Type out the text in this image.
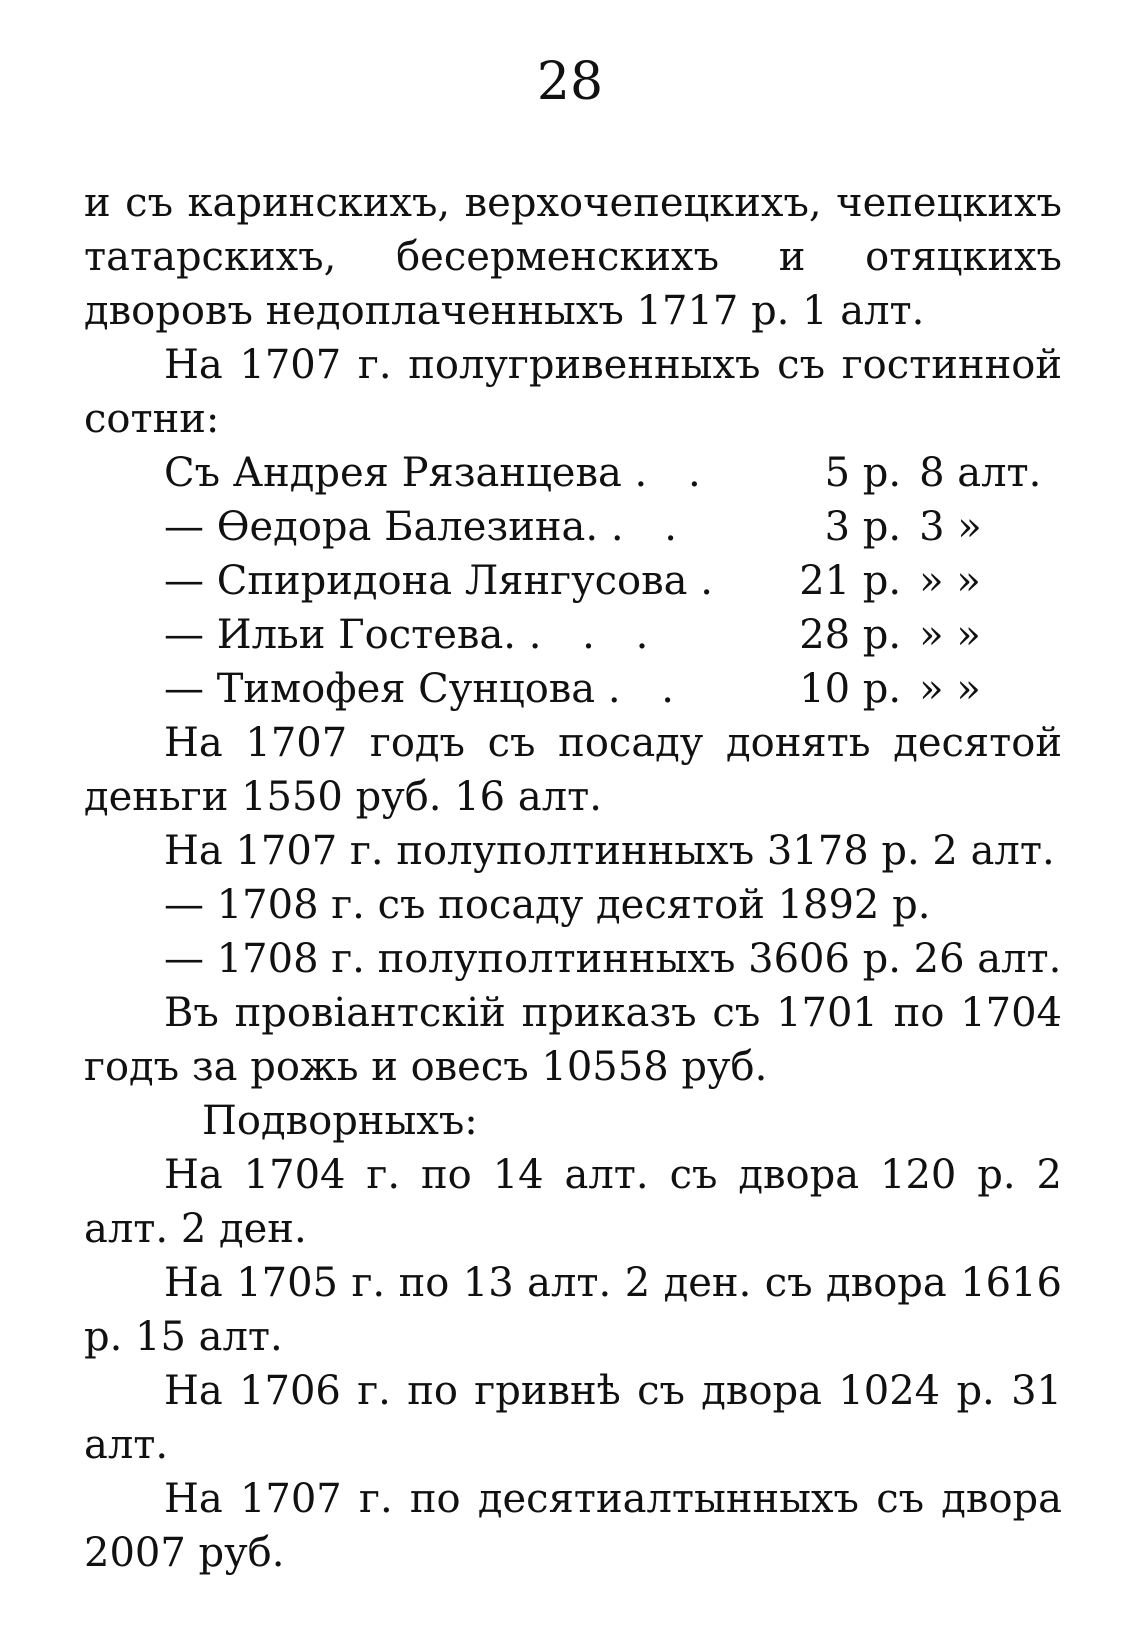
28

и съ каринскихъ, верхочепецкихъ, чепецкихъ татарскихъ, бесерменскихъ и отяцкихъ дворовъ недоплаченныхъ 1717 р. 1 алт.

На 1707 г. полугривенныхъ съ гостинной сотни:

Съ Андрея Рязанцева . .	5 р. 8 алт.
— Өедора Балезина. . .	3 р. 3 »
— Спиридона Лянгусова .	21 р. » »
— Ильи Гостева. . . .	28 р. » »
— Тимофея Сунцова . .	10 р. » »

На 1707 годъ съ посаду донять десятой деньги 1550 руб. 16 алт.

На 1707 г. полуполтинныхъ 3178 р. 2 алт.

— 1708 г. съ посаду десятой 1892 р.

— 1708 г. полуполтинныхъ 3606 р. 26 алт.

Въ провіантскій приказъ съ 1701 по 1704 годъ за рожь и овесъ 10558 руб.

Подворныхъ:

На 1704 г. по 14 алт. съ двора 120 р. 2 алт. 2 ден.

На 1705 г. по 13 алт. 2 ден. съ двора 1616 р. 15 алт.

На 1706 г. по гривнѣ съ двора 1024 р. 31 алт.

На 1707 г. по десятиалтынныхъ съ двора 2007 руб.
